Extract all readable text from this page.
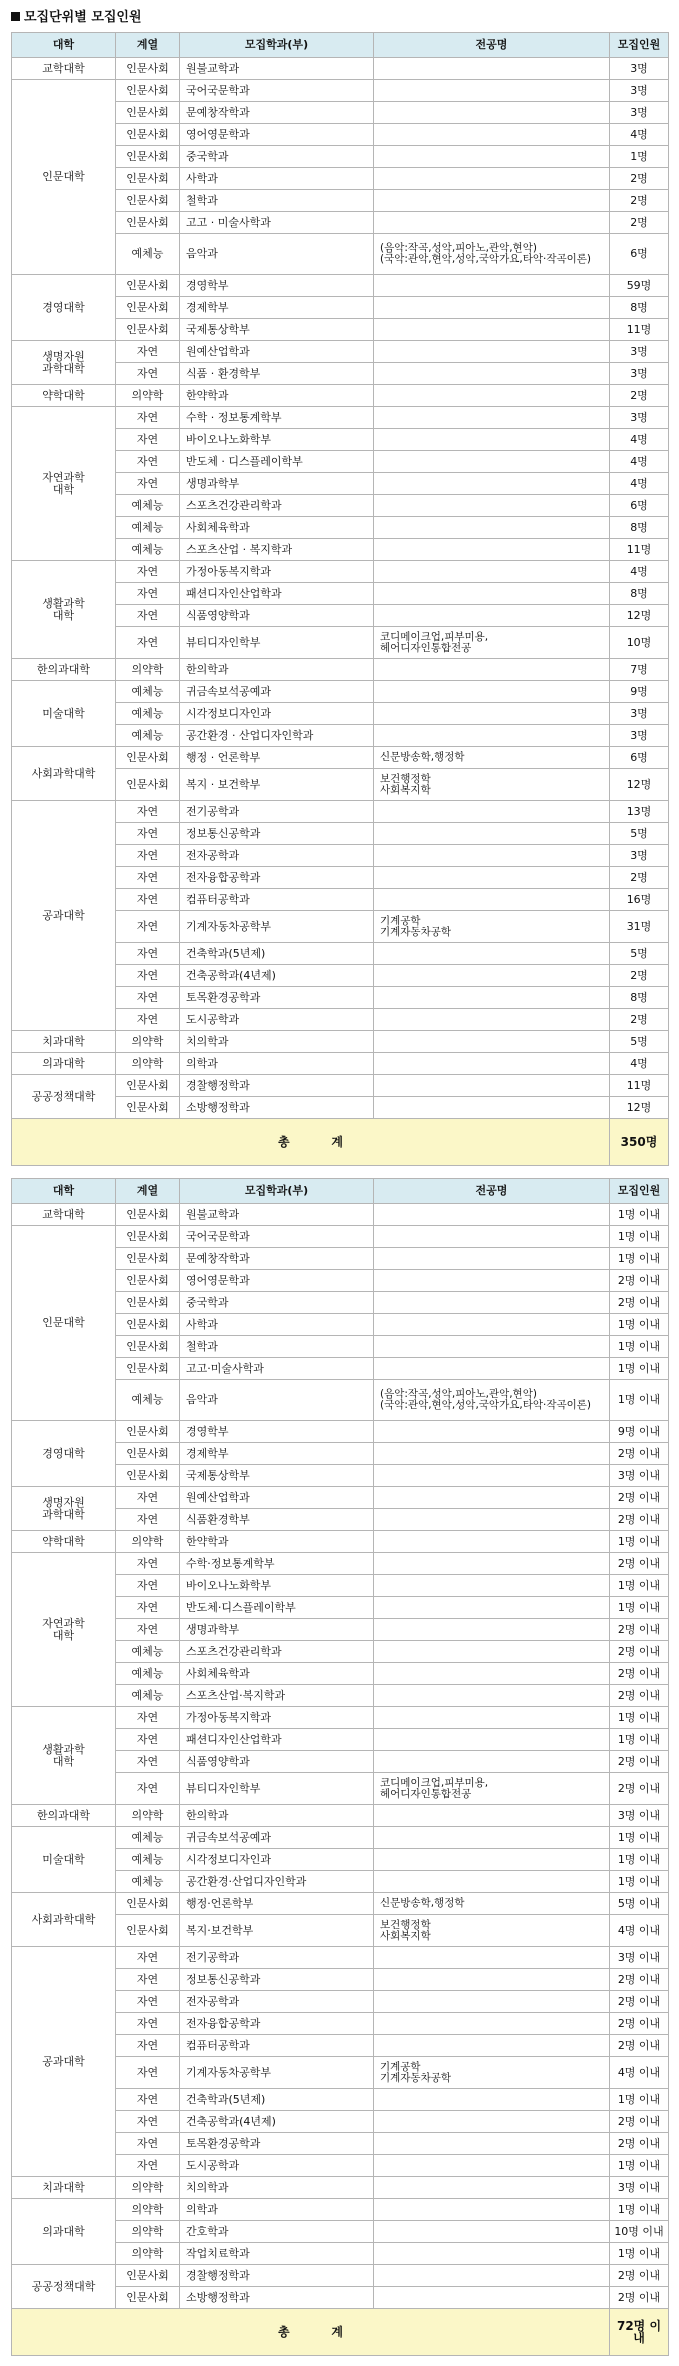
모집단위별 모집인원
대학	계열	모집학과(부)	전공명	모집인원
교학대학	인문사회	원불교학과		3명
인문대학	인문사회	국어국문학과		3명
	인문사회	문예창작학과		3명
	인문사회	영어영문학과		4명
	인문사회	중국학과		1명
	인문사회	사학과		2명
	인문사회	철학과		2명
	인문사회	고고 · 미술사학과		2명
	예체능	음악과	(음악:작곡,성악,피아노,관악,현악)
(국악:관악,현악,성악,국악가요,타악·작곡이론)	6명
경영대학	인문사회	경영학부		59명
	인문사회	경제학부		8명
	인문사회	국제통상학부		11명
생명자원
과학대학	자연	원예산업학과		3명
	자연	식품 · 환경학부		3명
약학대학	의약학	한약학과		2명
자연과학
대학	자연	수학 · 정보통계학부		3명
	자연	바이오나노화학부		4명
	자연	반도체 · 디스플레이학부		4명
	자연	생명과학부		4명
	예체능	스포츠건강관리학과		6명
	예체능	사회체육학과		8명
	예체능	스포츠산업 · 복지학과		11명
생활과학
대학	자연	가정아동복지학과		4명
	자연	패션디자인산업학과		8명
	자연	식품영양학과		12명
	자연	뷰티디자인학부	코디메이크업,피부미용,
헤어디자인통합전공	10명
한의과대학	의약학	한의학과		7명
미술대학	예체능	귀금속보석공예과		9명
	예체능	시각정보디자인과		3명
	예체능	공간환경 · 산업디자인학과		3명
사회과학대학	인문사회	행정 · 언론학부	신문방송학,행정학	6명
	인문사회	복지 · 보건학부	보건행정학
사회복지학	12명
공과대학	자연	전기공학과		13명
	자연	정보통신공학과		5명
	자연	전자공학과		3명
	자연	전자융합공학과		2명
	자연	컴퓨터공학과		16명
	자연	기계자동차공학부	기계공학
기계자동차공학	31명
	자연	건축학과(5년제)		5명
	자연	건축공학과(4년제)		2명
	자연	토목환경공학과		8명
	자연	도시공학과		2명
치과대학	의약학	치의학과		5명
의과대학	의약학	의학과		4명
공공정책대학	인문사회	경찰행정학과		11명
	인문사회	소방행정학과		12명
총          계				350명
대학	계열	모집학과(부)	전공명	모집인원
교학대학	인문사회	원불교학과		1명 이내
인문대학	인문사회	국어국문학과		1명 이내
	인문사회	문예창작학과		1명 이내
	인문사회	영어영문학과		2명 이내
	인문사회	중국학과		2명 이내
	인문사회	사학과		1명 이내
	인문사회	철학과		1명 이내
	인문사회	고고·미술사학과		1명 이내
	예체능	음악과	(음악:작곡,성악,피아노,관악,현악)
(국악:관악,현악,성악,국악가요,타악·작곡이론)	1명 이내
경영대학	인문사회	경영학부		9명 이내
	인문사회	경제학부		2명 이내
	인문사회	국제통상학부		3명 이내
생명자원
과학대학	자연	원예산업학과		2명 이내
	자연	식품환경학부		2명 이내
약학대학	의약학	한약학과		1명 이내
자연과학
대학	자연	수학·정보통계학부		2명 이내
	자연	바이오나노화학부		1명 이내
	자연	반도체·디스플레이학부		1명 이내
	자연	생명과학부		2명 이내
	예체능	스포츠건강관리학과		2명 이내
	예체능	사회체육학과		2명 이내
	예체능	스포츠산업·복지학과		2명 이내
생활과학
대학	자연	가정아동복지학과		1명 이내
	자연	패션디자인산업학과		1명 이내
	자연	식품영양학과		2명 이내
	자연	뷰티디자인학부	코디메이크업,피부미용,
헤어디자인통합전공	2명 이내
한의과대학	의약학	한의학과		3명 이내
미술대학	예체능	귀금속보석공예과		1명 이내
	예체능	시각정보디자인과		1명 이내
	예체능	공간환경·산업디자인학과		1명 이내
사회과학대학	인문사회	행정·언론학부	신문방송학,행정학	5명 이내
	인문사회	복지·보건학부	보건행정학
사회복지학	4명 이내
공과대학	자연	전기공학과		3명 이내
	자연	정보통신공학과		2명 이내
	자연	전자공학과		2명 이내
	자연	전자융합공학과		2명 이내
	자연	컴퓨터공학과		2명 이내
	자연	기계자동차공학부	기계공학
기계자동차공학	4명 이내
	자연	건축학과(5년제)		1명 이내
	자연	건축공학과(4년제)		2명 이내
	자연	토목환경공학과		2명 이내
	자연	도시공학과		1명 이내
치과대학	의약학	치의학과		3명 이내
의과대학	의약학	의학과		1명 이내
	의약학	간호학과		10명 이내
	의약학	작업치료학과		1명 이내
공공정책대학	인문사회	경찰행정학과		2명 이내
	인문사회	소방행정학과		2명 이내
총          계				72명 이내
